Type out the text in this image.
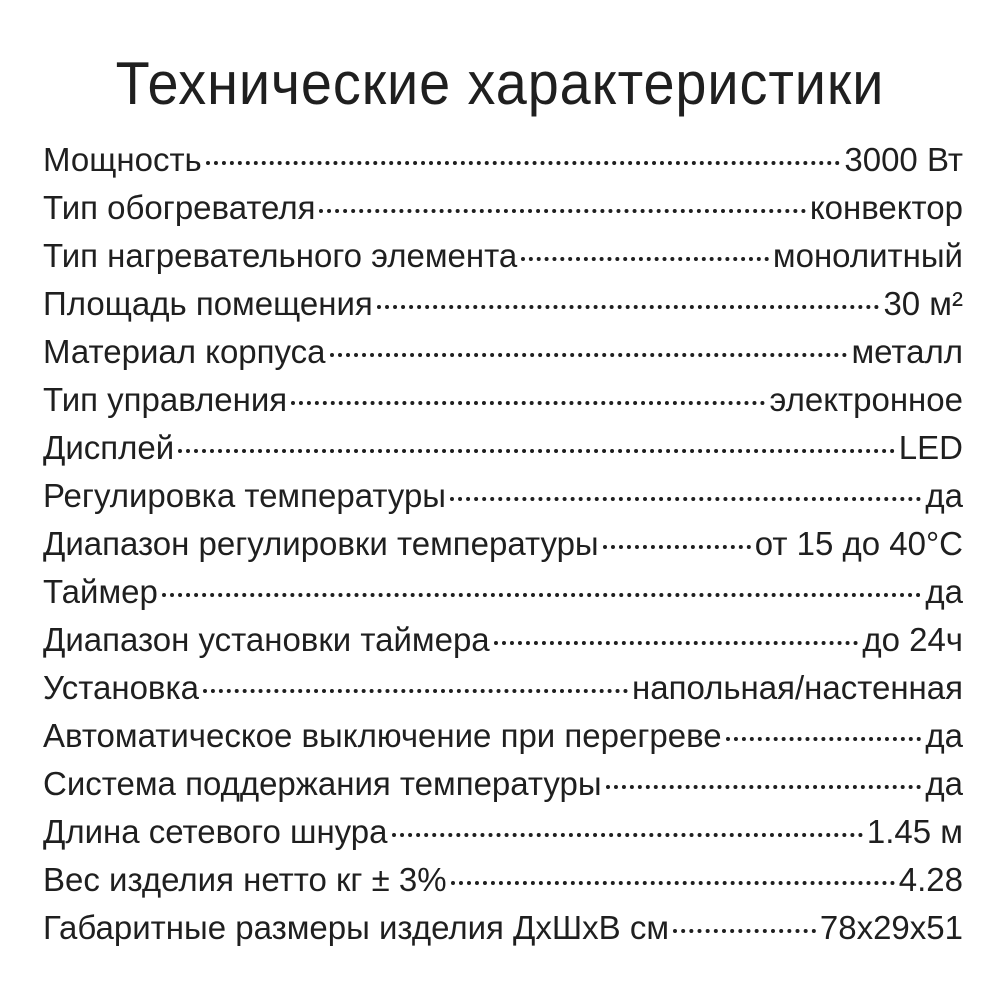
Технические характеристики
Мощность	3000 Вт
Тип обогревателя	конвектор
Тип нагревательного элемента	монолитный
Площадь помещения	30 м²
Материал корпуса	металл
Тип управления	электронное
Дисплей	LED
Регулировка температуры	да
Диапазон регулировки температуры	от 15 до 40°С
Таймер	да
Диапазон установки таймера	до 24ч
Установка	напольная/настенная
Автоматическое выключение при перегреве	да
Система поддержания температуры	да
Длина сетевого шнура	1.45 м
Вес изделия нетто кг ± 3%	4.28
Габаритные размеры изделия ДхШхВ см	78x29x51
